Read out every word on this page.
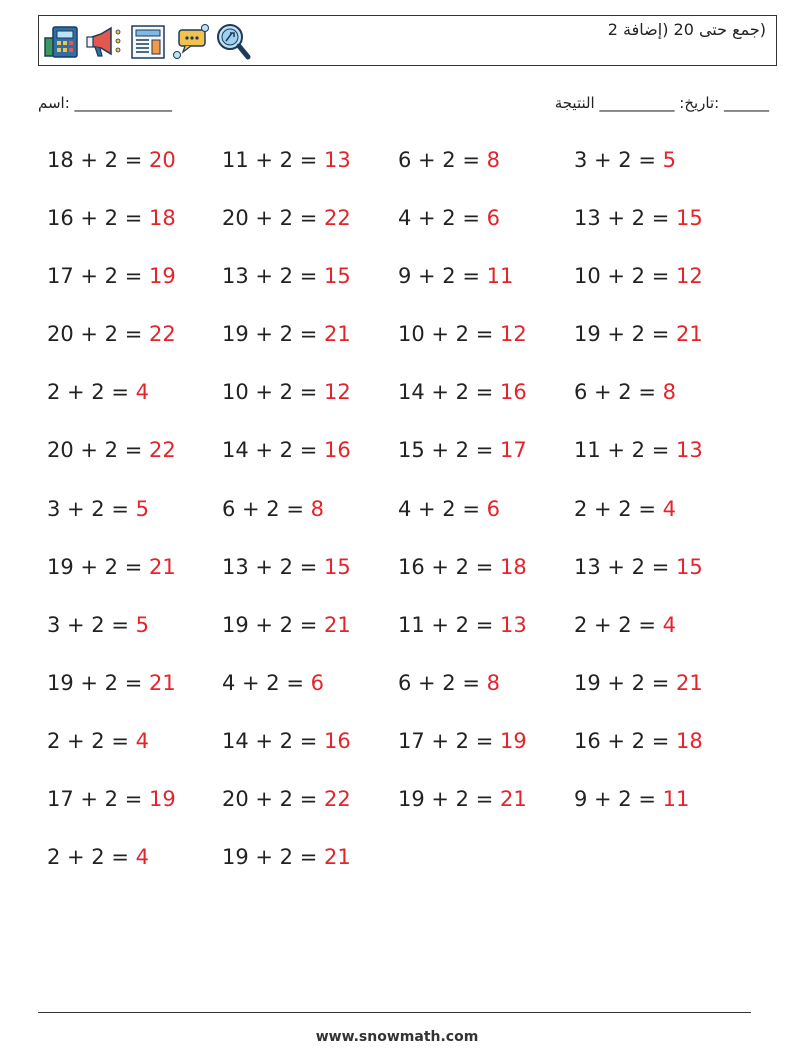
(جمع حتى 20 (إضافة 2
اسم: _____________	______ :تاريخ: __________ النتيجة
18 + 2 = 20	11 + 2 = 13	6 + 2 = 8	3 + 2 = 5
16 + 2 = 18	20 + 2 = 22	4 + 2 = 6	13 + 2 = 15
17 + 2 = 19	13 + 2 = 15	9 + 2 = 11	10 + 2 = 12
20 + 2 = 22	19 + 2 = 21	10 + 2 = 12	19 + 2 = 21
2 + 2 = 4	10 + 2 = 12	14 + 2 = 16	6 + 2 = 8
20 + 2 = 22	14 + 2 = 16	15 + 2 = 17	11 + 2 = 13
3 + 2 = 5	6 + 2 = 8	4 + 2 = 6	2 + 2 = 4
19 + 2 = 21	13 + 2 = 15	16 + 2 = 18	13 + 2 = 15
3 + 2 = 5	19 + 2 = 21	11 + 2 = 13	2 + 2 = 4
19 + 2 = 21	4 + 2 = 6	6 + 2 = 8	19 + 2 = 21
2 + 2 = 4	14 + 2 = 16	17 + 2 = 19	16 + 2 = 18
17 + 2 = 19	20 + 2 = 22	19 + 2 = 21	9 + 2 = 11
2 + 2 = 4	19 + 2 = 21
www.snowmath.com
